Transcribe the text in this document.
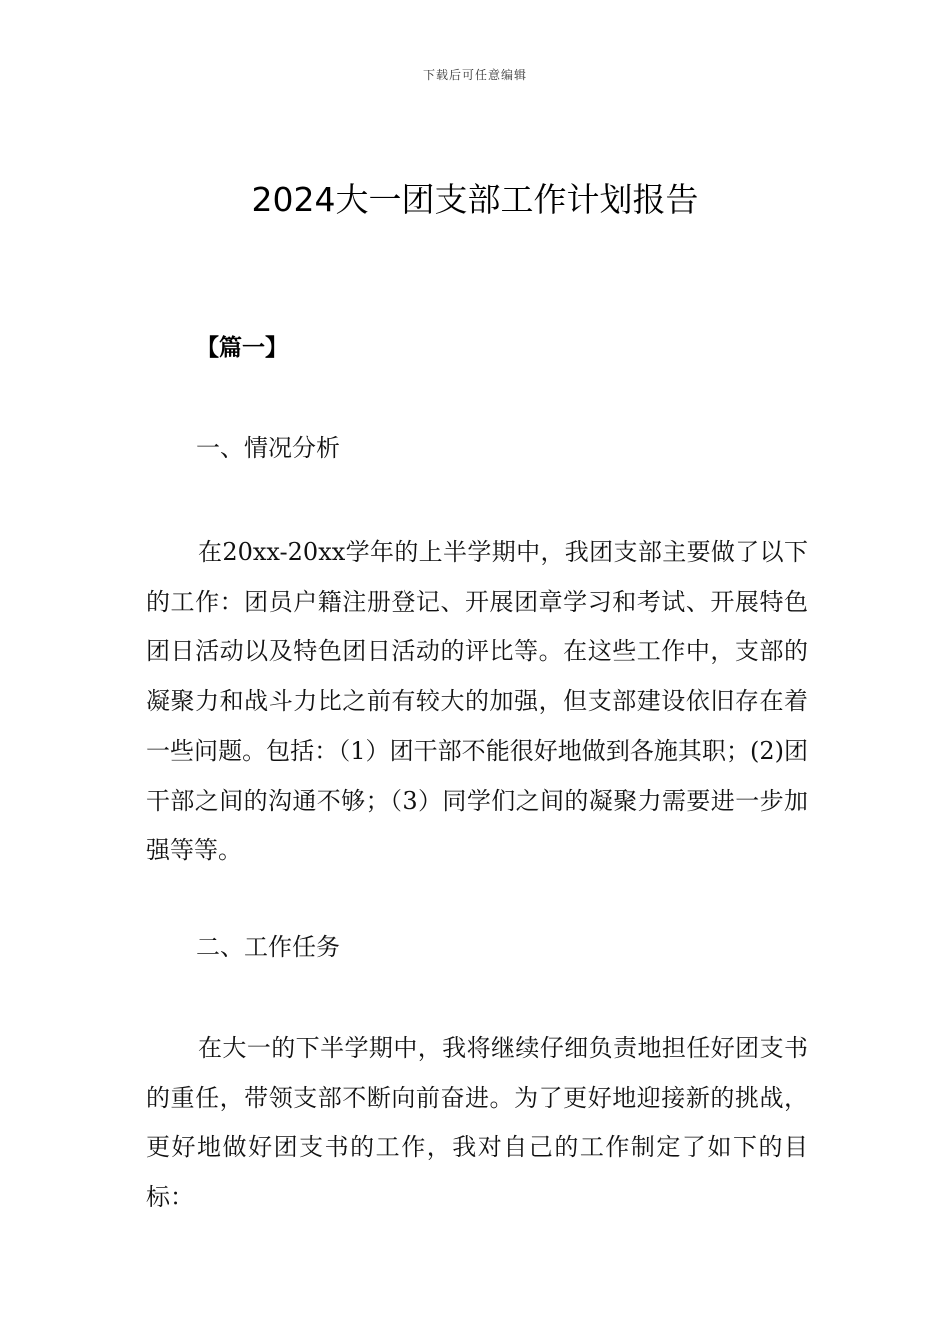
下载后可任意编辑
2024大一团支部工作计划报告
【篇一】
一、情况分析

在20xx-20xx学年的上半学期中，我团支部主要做了以下的工作：团员户籍注册登记、开展团章学习和考试、开展特色团日活动以及特色团日活动的评比等。在这些工作中，支部的凝聚力和战斗力比之前有较大的加强，但支部建设依旧存在着一些问题。包括：（1）团干部不能很好地做到各施其职；(2)团干部之间的沟通不够；（3）同学们之间的凝聚力需要进一步加强等等。

二、工作任务

在大一的下半学期中，我将继续仔细负责地担任好团支书的重任，带领支部不断向前奋进。为了更好地迎接新的挑战，更好地做好团支书的工作，我对自己的工作制定了如下的目标：
